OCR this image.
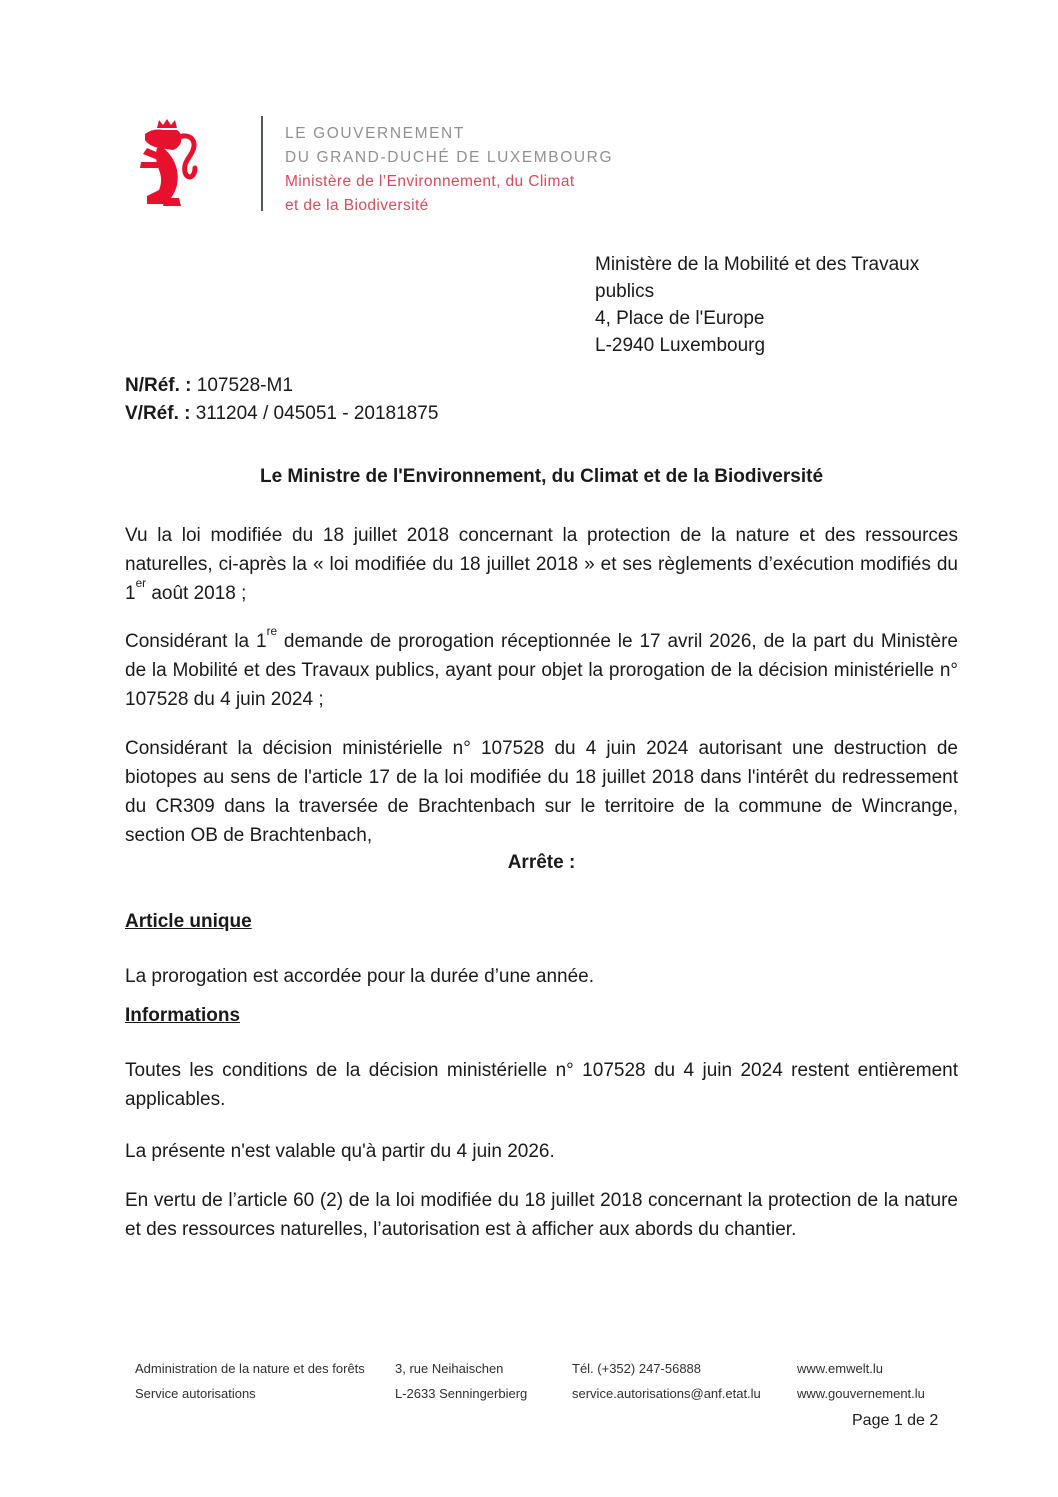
LE GOUVERNEMENT
DU GRAND-DUCHÉ DE LUXEMBOURG
Ministère de l’Environnement, du Climat
et de la Biodiversité
Ministère de la Mobilité et des Travaux
publics
4, Place de l'Europe
L-2940 Luxembourg
N/Réf. : 107528-M1
V/Réf. : 311204 / 045051 - 20181875
Le Ministre de l'Environnement, du Climat et de la Biodiversité
Vu la loi modifiée du 18 juillet 2018 concernant la protection de la nature et des ressources naturelles, ci-après la « loi modifiée du 18 juillet 2018 » et ses règlements d’exécution modifiés du 1er août 2018 ;
Considérant la 1re demande de prorogation réceptionnée le 17 avril 2026, de la part du Ministère de la Mobilité et des Travaux publics, ayant pour objet la prorogation de la décision ministérielle n° 107528 du 4 juin 2024 ;
Considérant la décision ministérielle n° 107528 du 4 juin 2024 autorisant une destruction de biotopes au sens de l'article 17 de la loi modifiée du 18 juillet 2018 dans l'intérêt du redressement du CR309 dans la traversée de Brachtenbach sur le territoire de la commune de Wincrange, section OB de Brachtenbach,
Arrête :
Article unique
La prorogation est accordée pour la durée d’une année.
Informations
Toutes les conditions de la décision ministérielle n° 107528 du 4 juin 2024 restent entièrement applicables.
La présente n'est valable qu'à partir du 4 juin 2026.
En vertu de l’article 60 (2) de la loi modifiée du 18 juillet 2018 concernant la protection de la nature et des ressources naturelles, l’autorisation est à afficher aux abords du chantier.
Administration de la nature et des forêts
Service autorisations
3, rue Neihaischen
L-2633 Senningerbierg
Tél. (+352) 247-56888
service.autorisations@anf.etat.lu
www.emwelt.lu
www.gouvernement.lu
Page 1 de 2
